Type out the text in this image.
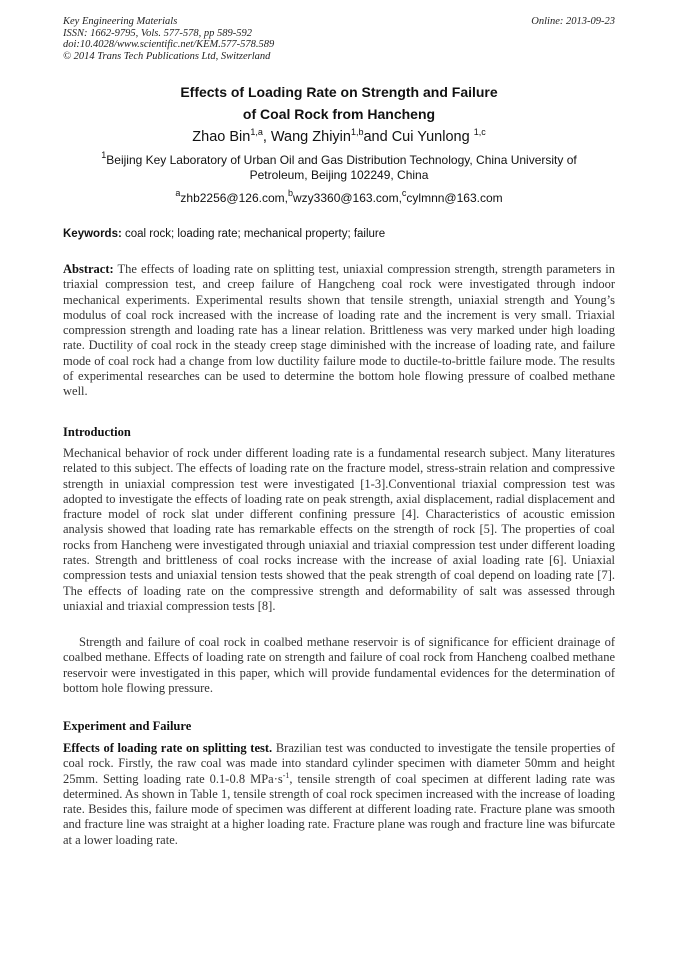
Key Engineering Materials
ISSN: 1662-9795, Vols. 577-578, pp 589-592
doi:10.4028/www.scientific.net/KEM.577-578.589
© 2014 Trans Tech Publications Ltd, Switzerland
Online: 2013-09-23
Effects of Loading Rate on Strength and Failure
of Coal Rock from Hancheng
Zhao Bin$^{1,a}$, Wang Zhiyin$^{1,b}$and Cui Yunlong $^{1,c}$
$^1$Beijing Key Laboratory of Urban Oil and Gas Distribution Technology, China University of Petroleum, Beijing 102249, China
$^a$zhb2256@126.com,$^b$wzy3360@163.com,$^c$cylmnn@163.com
Keywords: coal rock; loading rate; mechanical property; failure
Abstract: The effects of loading rate on splitting test, uniaxial compression strength, strength parameters in triaxial compression test, and creep failure of Hangcheng coal rock were investigated through indoor mechanical experiments. Experimental results shown that tensile strength, uniaxial strength and Young’s modulus of coal rock increased with the increase of loading rate and the increment is very small. Triaxial compression strength and loading rate has a linear relation. Brittleness was very marked under high loading rate. Ductility of coal rock in the steady creep stage diminished with the increase of loading rate, and failure mode of coal rock had a change from low ductility failure mode to ductile-to-brittle failure mode. The results of experimental researches can be used to determine the bottom hole flowing pressure of coalbed methane well.
Introduction
Mechanical behavior of rock under different loading rate is a fundamental research subject. Many literatures related to this subject. The effects of loading rate on the fracture model, stress-strain relation and compressive strength in uniaxial compression test were investigated [1-3].Conventional triaxial compression test was adopted to investigate the effects of loading rate on peak strength, axial displacement, radial displacement and fracture model of rock slat under different confining pressure [4]. Characteristics of acoustic emission analysis showed that loading rate has remarkable effects on the strength of rock [5]. The properties of coal rocks from Hancheng were investigated through uniaxial and triaxial compression test under different loading rates. Strength and brittleness of coal rocks increase with the increase of axial loading rate [6]. Uniaxial compression tests and uniaxial tension tests showed that the peak strength of coal depend on loading rate [7]. The effects of loading rate on the compressive strength and deformability of salt was assessed through uniaxial and triaxial compression tests [8].
Strength and failure of coal rock in coalbed methane reservoir is of significance for efficient drainage of coalbed methane. Effects of loading rate on strength and failure of coal rock from Hancheng coalbed methane reservoir were investigated in this paper, which will provide fundamental evidences for the determination of bottom hole flowing pressure.
Experiment and Failure
Effects of loading rate on splitting test. Brazilian test was conducted to investigate the tensile properties of coal rock. Firstly, the raw coal was made into standard cylinder specimen with diameter 50mm and height 25mm. Setting loading rate 0.1-0.8 $MPa\cdot s^{-1}$, tensile strength of coal specimen at different lading rate was determined. As shown in Table 1, tensile strength of coal rock specimen increased with the increase of loading rate. Besides this, failure mode of specimen was different at different loading rate. Fracture plane was smooth and fracture line was straight at a higher loading rate. Fracture plane was rough and fracture line was bifurcate at a lower loading rate.
